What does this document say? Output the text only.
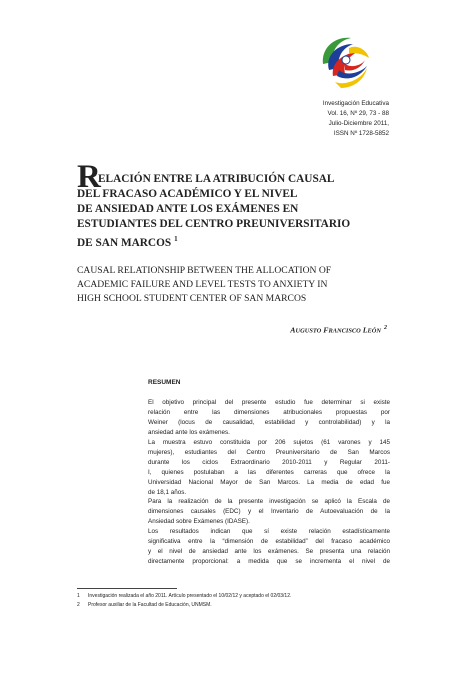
Investigación Educativa
Vol. 16, Nº 29, 73 - 88
Julio-Diciembre 2011,
ISSN Nº 1728-5852
R
ELACIÓN ENTRE LA ATRIBUCIÓN CAUSAL
DEL FRACASO ACADÉMICO Y EL NIVEL
DE ANSIEDAD ANTE LOS EXÁMENES EN
ESTUDIANTES DEL CENTRO PREUNIVERSITARIO
DE SAN MARCOS $^1$
CAUSAL RELATIONSHIP BETWEEN THE ALLOCATION OF
ACADEMIC FAILURE AND LEVEL TESTS TO ANXIETY IN
HIGH SCHOOL STUDENT CENTER OF SAN MARCOS
AUGUSTO FRANCISCO LEÓN $^2$
RESUMEN
El objetivo principal del presente estudio fue determinar si existe
relación entre las dimensiones atribucionales propuestas por
Weiner (locus de causalidad, estabilidad y controlabilidad) y la
ansiedad ante los exámenes.
La muestra estuvo constituida por 206 sujetos (61 varones y 145
mujeres), estudiantes del Centro Preuniversitario de San Marcos
durante los ciclos Extraordinario 2010-2011 y Regular 2011-
I, quienes postulaban a las diferentes carreras que ofrece la
Universidad Nacional Mayor de San Marcos. La media de edad fue
de 18,1 años.
Para la realización de la presente investigación se aplicó la Escala de
dimensiones causales (EDC) y el Inventario de Autoevaluación de la
Ansiedad sobre Exámenes (IDASE).
Los resultados indican que sí existe relación estadísticamente
significativa entre la “dimensión de estabilidad” del fracaso académico
y el nivel de ansiedad ante los exámenes. Se presenta una relación
directamente proporcional: a medida que se incrementa el nivel de
1 Investigación realizada el año 2011. Artículo presentado el 10/02/12 y aceptado el 02/03/12.
2 Profesor auxiliar de la Facultad de Educación, UNMSM.
